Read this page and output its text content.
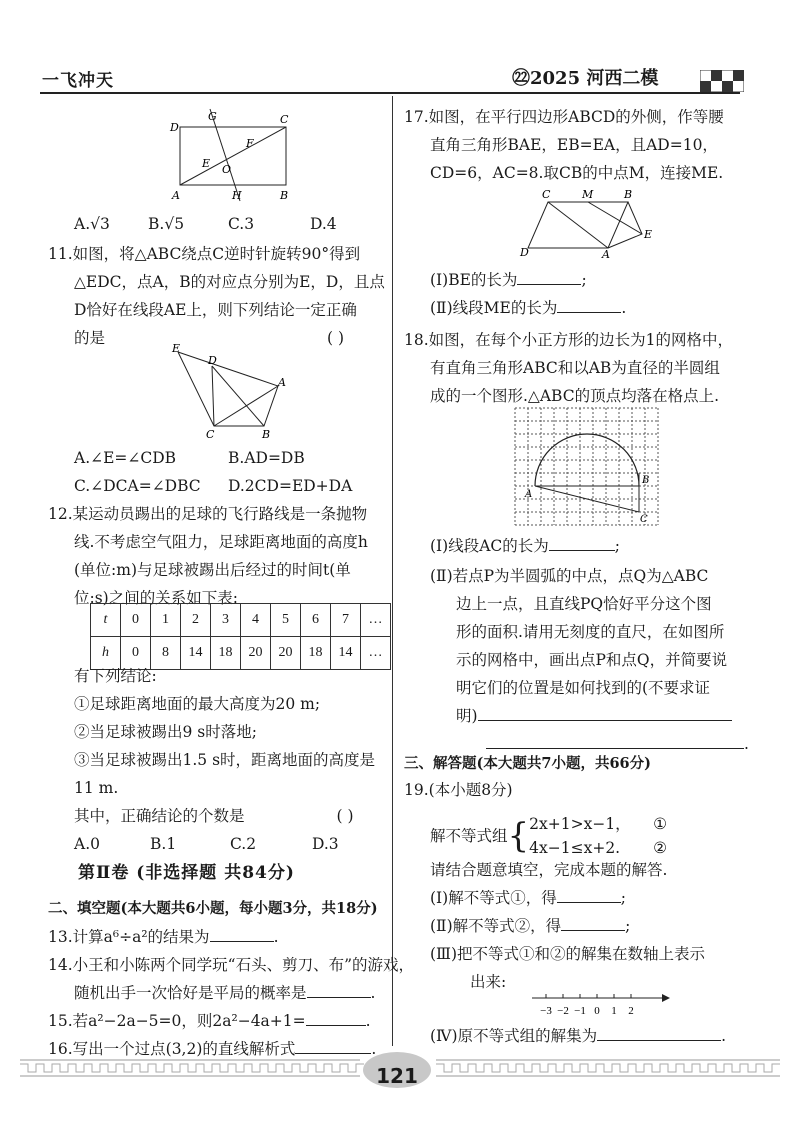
一飞冲天	㉒2025 河西二模
D
C
A	B
G
H
E O
F
A.√3 B.√5	C.3	D.4
11.如图，将△ABC绕点C逆时针旋转90°得到
△EDC，点A，B的对应点分别为E，D，且点
D恰好在线段AE上，则下列结论一定正确
的是	( )
E
D
A
C	B
A.∠E=∠CDB	B.AD=DB
C.∠DCA=∠DBC D.2CD=ED+DA
12.某运动员踢出的足球的飞行路线是一条抛物
线.不考虑空气阻力，足球距离地面的高度h
(单位:m)与足球被踢出后经过的时间t(单
位:s)之间的关系如下表:
t	0	1	2	3	4	5	6	7	…
h	0	8	14	18	20	20	18	14	…
有下列结论:
①足球距离地面的最大高度为20 m;
②当足球被踢出9 s时落地;
③当足球被踢出1.5 s时，距离地面的高度是
11 m.
其中，正确结论的个数是	( )
A.0	B.1	C.2	D.3
第Ⅱ卷 (非选择题 共84分)
二、填空题(本大题共6小题，每小题3分，共18分)
13.计算a⁶÷a²的结果为	.
14.小王和小陈两个同学玩“石头、剪刀、布”的游戏，
随机出手一次恰好是平局的概率是	.
15.若a²−2a−5=0，则2a²−4a+1=	.
16.写出一个过点(3,2)的直线解析式	.
17.如图，在平行四边形ABCD的外侧，作等腰
直角三角形BAE，EB=EA，且AD=10，
CD=6，AC=8.取CB的中点M，连接ME.
C	M	B
E
D	A
(Ⅰ)BE的长为	;
(Ⅱ)线段ME的长为	.
18.如图，在每个小正方形的边长为1的网格中，
有直角三角形ABC和以AB为直径的半圆组
成的一个图形.△ABC的顶点均落在格点上.
A
B
C
(Ⅰ)线段AC的长为	;
(Ⅱ)若点P为半圆弧的中点，点Q为△ABC
边上一点，且直线PQ恰好平分这个图
形的面积.请用无刻度的直尺，在如图所
示的网格中，画出点P和点Q，并简要说
明它们的位置是如何找到的(不要求证
明)
.
三、解答题(本大题共7小题，共66分)
19.(本小题8分)
解不等式组 { 2x+1>x−1， ①
4x−1≤x+2. ②
请结合题意填空，完成本题的解答.
(Ⅰ)解不等式①，得	;
(Ⅱ)解不等式②，得	;
(Ⅲ)把不等式①和②的解集在数轴上表示
出来:
−3 −2 −1 0 1 2
(Ⅳ)原不等式组的解集为	.
121
